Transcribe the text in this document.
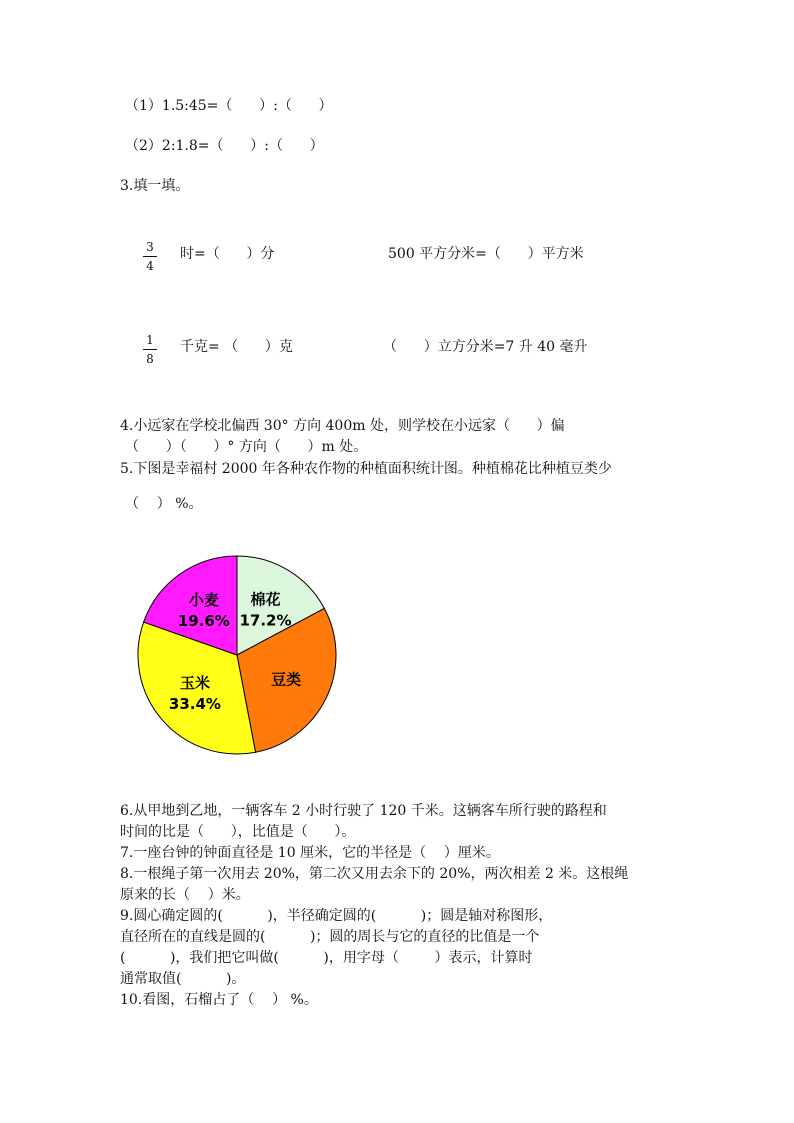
（1）1.5:45=（      ）:（      ）
（2）2:1.8=（      ）:（      ）
3.填一填。
3
4
时=（      ）分	500 平方分米=（      ）平方米
1
8
千克= （      ）克	（      ）立方分米=7 升 40 毫升
4.小远家在学校北偏西 30° 方向 400m 处，则学校在小远家（      ）偏
（      ）（      ）° 方向（      ）m 处。
5.下图是幸福村 2000 年各种农作物的种植面积统计图。种植棉花比种植豆类少
（    ） %。
棉花
17.2%
豆类
玉米
33.4%
小麦
19.6%
6.从甲地到乙地，一辆客车 2 小时行驶了 120 千米。这辆客车所行驶的路程和
时间的比是（      ），比值是（      ）。
7.一座台钟的钟面直径是 10 厘米，它的半径是（    ）厘米。
8.一根绳子第一次用去 20%，第二次又用去余下的 20%，两次相差 2 米。这根绳
原来的长（    ）米。
9.圆心确定圆的(          )，半径确定圆的(          )；圆是轴对称图形，
直径所在的直线是圆的(          )；圆的周长与它的直径的比值是一个
(          )，我们把它叫做(          )，用字母（        ）表示，计算时
通常取值(          )。
10.看图，石榴占了（    ） %。
